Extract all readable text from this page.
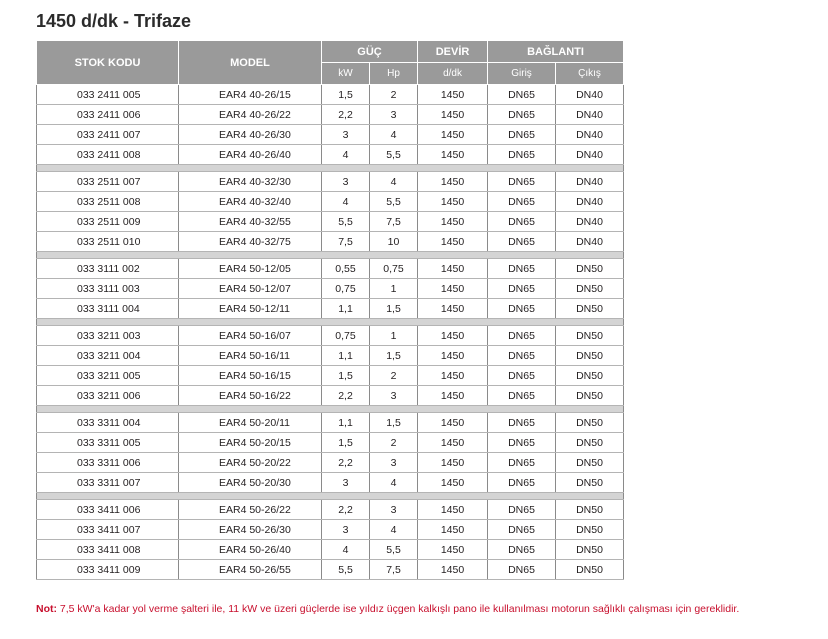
1450 d/dk - Trifaze
STOK KODU	MODEL	GÜÇ		DEVİR	BAĞLANTI	
		kW	Hp	d/dk	Giriş	Çıkış
033 2411 005	EAR4 40-26/15	1,5	2	1450	DN65	DN40
033 2411 006	EAR4 40-26/22	2,2	3	1450	DN65	DN40
033 2411 007	EAR4 40-26/30	3	4	1450	DN65	DN40
033 2411 008	EAR4 40-26/40	4	5,5	1450	DN65	DN40

033 2511 007	EAR4 40-32/30	3	4	1450	DN65	DN40
033 2511 008	EAR4 40-32/40	4	5,5	1450	DN65	DN40
033 2511 009	EAR4 40-32/55	5,5	7,5	1450	DN65	DN40
033 2511 010	EAR4 40-32/75	7,5	10	1450	DN65	DN40

033 3111 002	EAR4 50-12/05	0,55	0,75	1450	DN65	DN50
033 3111 003	EAR4 50-12/07	0,75	1	1450	DN65	DN50
033 3111 004	EAR4 50-12/11	1,1	1,5	1450	DN65	DN50

033 3211 003	EAR4 50-16/07	0,75	1	1450	DN65	DN50
033 3211 004	EAR4 50-16/11	1,1	1,5	1450	DN65	DN50
033 3211 005	EAR4 50-16/15	1,5	2	1450	DN65	DN50
033 3211 006	EAR4 50-16/22	2,2	3	1450	DN65	DN50

033 3311 004	EAR4 50-20/11	1,1	1,5	1450	DN65	DN50
033 3311 005	EAR4 50-20/15	1,5	2	1450	DN65	DN50
033 3311 006	EAR4 50-20/22	2,2	3	1450	DN65	DN50
033 3311 007	EAR4 50-20/30	3	4	1450	DN65	DN50

033 3411 006	EAR4 50-26/22	2,2	3	1450	DN65	DN50
033 3411 007	EAR4 50-26/30	3	4	1450	DN65	DN50
033 3411 008	EAR4 50-26/40	4	5,5	1450	DN65	DN50
033 3411 009	EAR4 50-26/55	5,5	7,5	1450	DN65	DN50

Not: 7,5 kW'a kadar yol verme şalteri ile, 11 kW ve üzeri güçlerde ise yıldız üçgen kalkışlı pano ile kullanılması motorun sağlıklı çalışması için gereklidir.
